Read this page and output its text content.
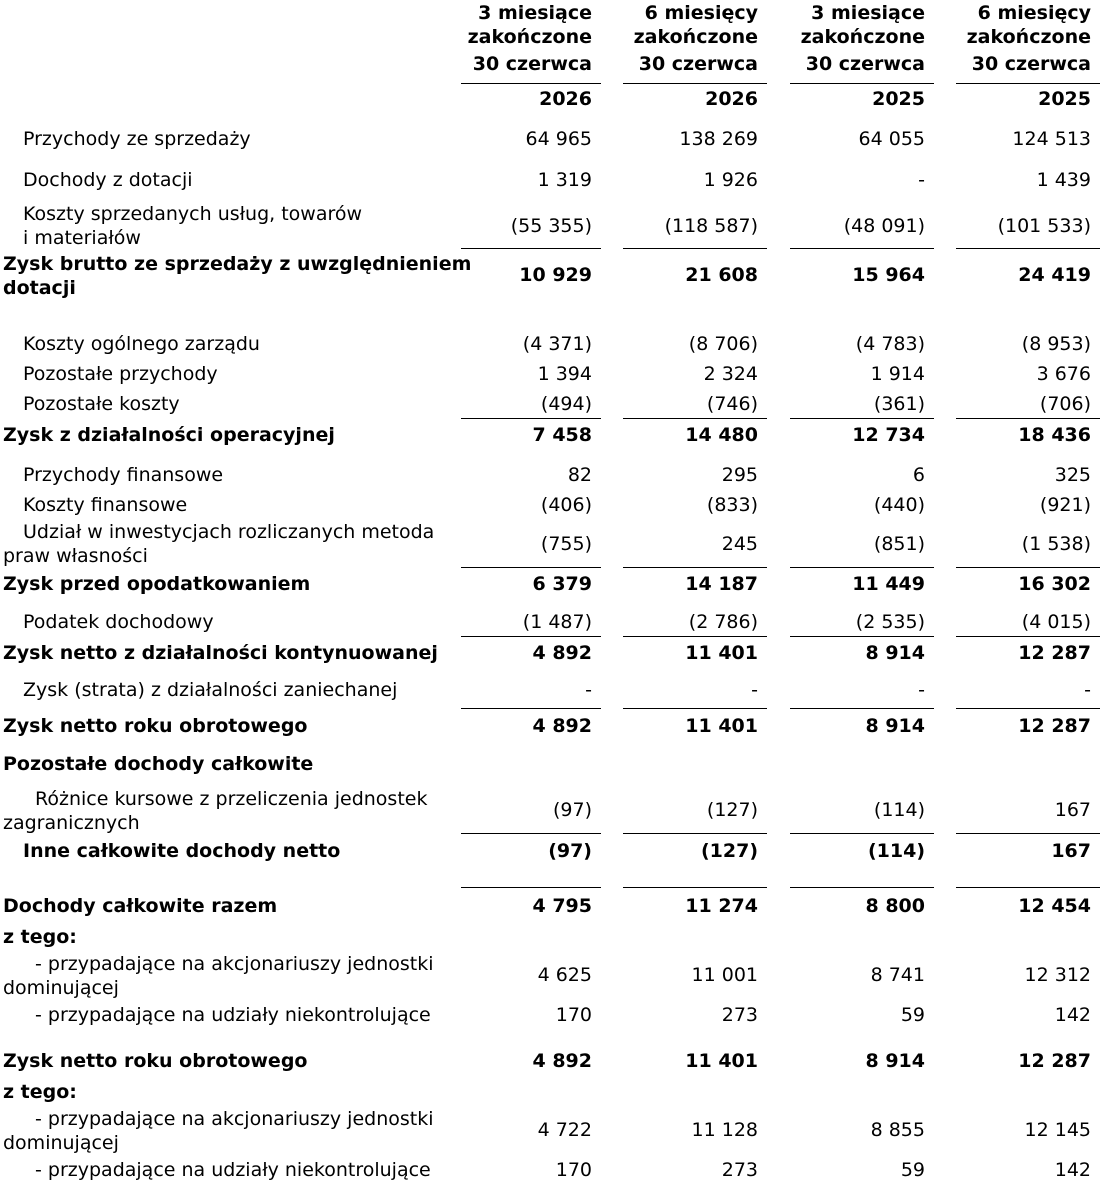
3 miesiące
zakończone
30 czerwca
6 miesięcy
zakończone
30 czerwca
3 miesiące
zakończone
30 czerwca
6 miesięcy
zakończone
30 czerwca
2026	2026	2025	2025
Przychody ze sprzedaży	64 965	138 269	64 055	124 513
Dochody z dotacji	1 319	1 926	-	1 439
Koszty sprzedanych usług, towarów
i materiałów
(55 355)	(118 587)	(48 091)	(101 533)
Zysk brutto ze sprzedaży z uwzględnieniem
dotacji
10 929	21 608	15 964	24 419
Koszty ogólnego zarządu	(4 371)	(8 706)	(4 783)	(8 953)
Pozostałe przychody	1 394	2 324	1 914	3 676
Pozostałe koszty	(494)	(746)	(361)	(706)
Zysk z działalności operacyjnej	7 458	14 480	12 734	18 436
Przychody finansowe	82	295	6	325
Koszty finansowe	(406)	(833)	(440)	(921)
Udział w inwestycjach rozliczanych metoda
praw własności
(755)	245	(851)	(1 538)
Zysk przed opodatkowaniem	6 379	14 187	11 449	16 302
Podatek dochodowy	(1 487)	(2 786)	(2 535)	(4 015)
Zysk netto z działalności kontynuowanej	4 892	11 401	8 914	12 287
Zysk (strata) z działalności zaniechanej	-	-	-	-
Zysk netto roku obrotowego	4 892	11 401	8 914	12 287
Pozostałe dochody całkowite
Różnice kursowe z przeliczenia jednostek
zagranicznych
(97)	(127)	(114)	167
Inne całkowite dochody netto	(97)	(127)	(114)	167
Dochody całkowite razem	4 795	11 274	8 800	12 454
z tego:
- przypadające na akcjonariuszy jednostki
dominującej
4 625	11 001	8 741	12 312
- przypadające na udziały niekontrolujące	170	273	59	142
Zysk netto roku obrotowego	4 892	11 401	8 914	12 287
z tego:
- przypadające na akcjonariuszy jednostki
dominującej
4 722	11 128	8 855	12 145
- przypadające na udziały niekontrolujące	170	273	59	142
